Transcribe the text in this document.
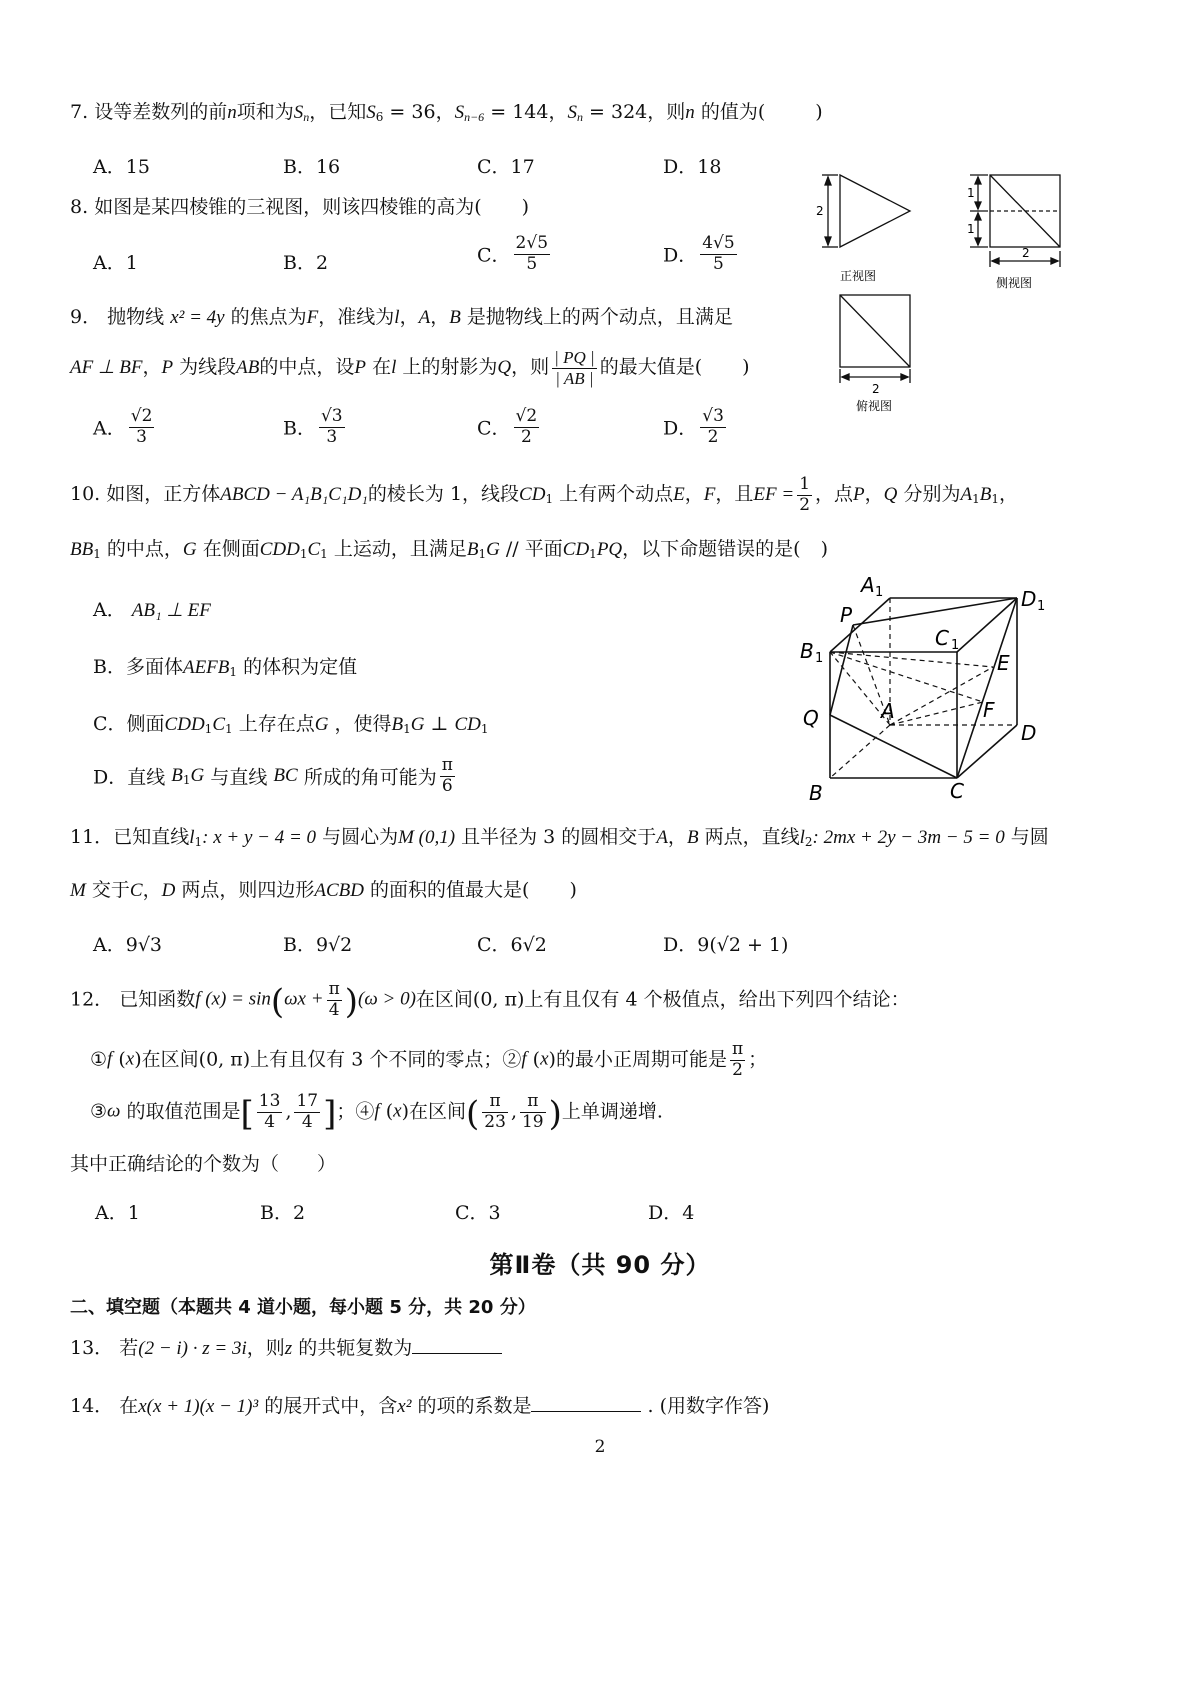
7. 设等差数列的前n项和为$S_n$，已知$S_6 = 36$，$S_{n-6} = 144$，$S_n = 324$，则n 的值为(	)
A．15	B．16	C．17	D．18
8. 如图是某四棱锥的三视图，则该四棱锥的高为( )
A．1	B．2	C． $\frac{2√5}{5}$	D． $\frac{4√5}{5}$
2
1
1
2
正视图	侧视图
2
俯视图
9． 抛物线 x² = 4y 的焦点为F，准线为l，A，B 是抛物线上的两个动点，且满足
AF ⊥ BF，P 为线段AB的中点，设P 在l 上的射影为Q，则 $\frac{| PQ |}{| AB |}$ 的最大值是( )
A． $\frac{√2}{3}$	B． $\frac{√3}{3}$	C． $\frac{√2}{2}$	D． $\frac{√3}{2}$
10. 如图，正方体ABCD − A₁B₁C₁D₁的棱长为 1，线段$CD_1$ 上有两个动点E，F，且EF = $\frac{1}{2}$ ，点P，Q 分别为$A_1B_1$，
$BB_1$ 的中点，G 在侧面$CDD_1C_1$ 上运动，且满足$B_1G$ // 平面$CD_1PQ$，以下命题错误的是( )
A． AB₁ ⊥ EF
B．多面体$AEFB_1$ 的体积为定值
C．侧面$CDD_1C_1$ 上存在点G ，使得$B_1G$ ⊥ $CD_1$
D．直线 $B_1G$ 与直线 BC 所成的角可能为 $\frac{\pi}{6}$
A 1	D 1
P
C 1
B 1	E
A	F
Q
D
B	C
11．已知直线$l_1$: x + y − 4 = 0 与圆心为M (0,1) 且半径为 3 的圆相交于A，B 两点，直线$l_2$: 2mx + 2y − 3m − 5 = 0 与圆
M 交于C，D 两点，则四边形ACBD 的面积的值最大是( )
A．9√3	B．9√2	C．6√2	D．9(√2 + 1)
12． 已知函数f $(x) = \sin(\omega x + \frac{\pi}{4} )(\omega > 0)$在区间(0, π)上有且仅有 4 个极值点，给出下列四个结论：
①f (x)在区间(0, π)上有且仅有 3 个不同的零点；②f (x)的最小正周期可能是 $\frac{\pi}{2}$ ；
③ω 的取值范围是[ $\frac{13}{4}$ , $\frac{17}{4}$ ]；④f (x)在区间( $\frac{\pi}{23}$ , $\frac{\pi}{19}$ )上单调递增.
其中正确结论的个数为（　　）
A．1	B．2	C．3	D．4
第Ⅱ卷（共 90 分）
二、填空题（本题共 4 道小题，每小题 5 分，共 20 分）
13． 若(2 − i) · z = 3i，则z 的共轭复数为
14． 在x(x + 1)(x − 1)³ 的展开式中，含x² 的项的系数是	. (用数字作答)
2
